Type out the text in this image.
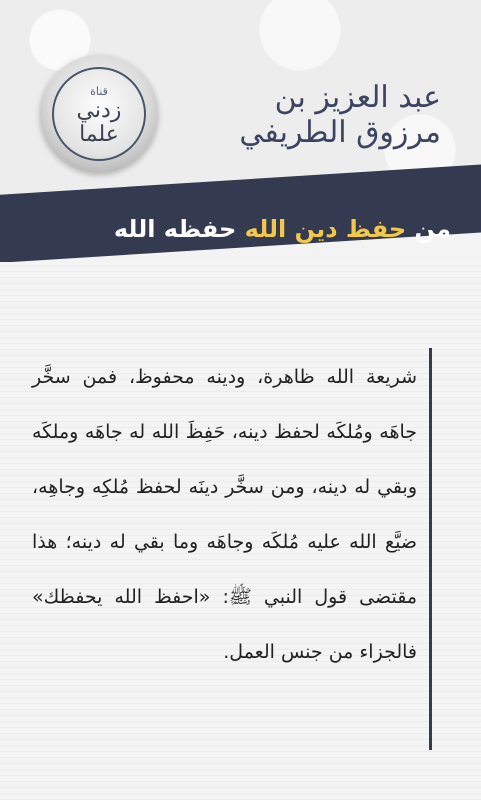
قناة
زدني علما
عبد العزيز بن مرزوق الطريفي
من حفظ دين الله حفظه الله
شريعة الله ظاهرة، ودينه محفوظ، فمن سخَّر جاهَه ومُلكَه لحفظ دينه، حَفِظَ الله له جاهَه وملكَه وبقي له دينه، ومن سخَّر دينَه لحفظ مُلكِه وجاهِه، ضيَّع الله عليه مُلكَه وجاهَه وما بقي له دينه؛ هذا مقتضى قول النبي ﷺ: «احفظ الله يحفظك» فالجزاء من جنس العمل.
